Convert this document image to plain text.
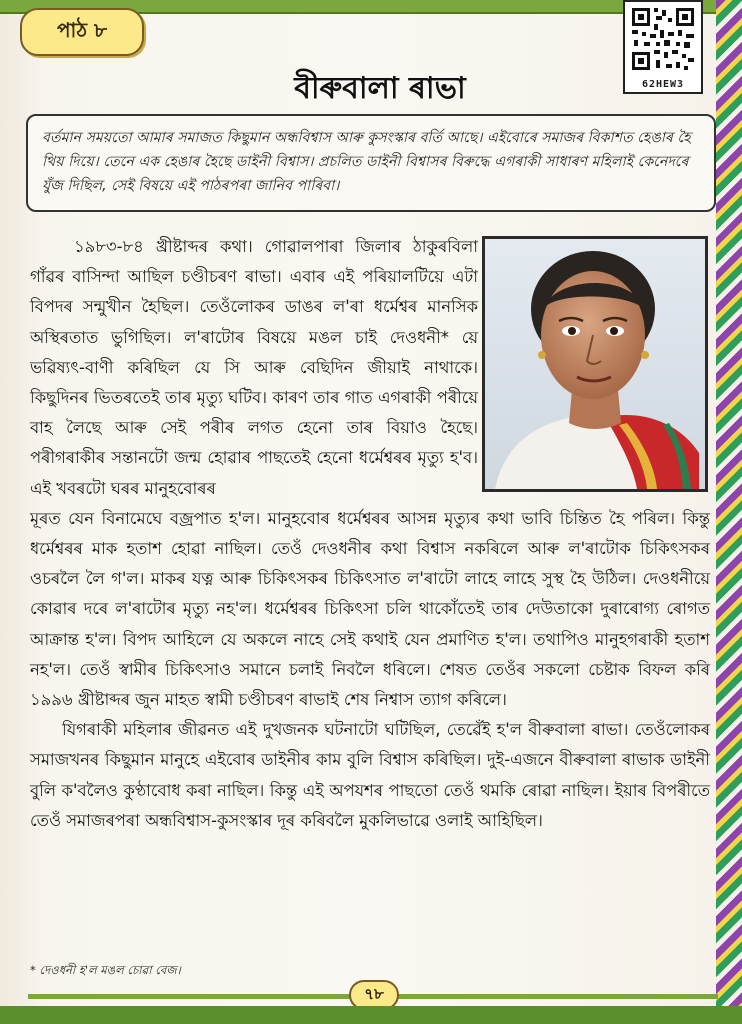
পাঠ ৮
62HEW3
বীৰুবালা ৰাভা
বৰ্তমান সময়তো আমাৰ সমাজত কিছুমান অন্ধবিশ্বাস আৰু কুসংস্কাৰ বৰ্তি আছে। এইবোৰে সমাজৰ বিকাশত হেঙাৰ হৈ থিয় দিয়ে। তেনে এক হেঙাৰ হৈছে ডাইনী বিশ্বাস। প্ৰচলিত ডাইনী বিশ্বাসৰ বিৰুদ্ধে এগৰাকী সাধাৰণ মহিলাই কেনেদৰে যুঁজ দিছিল, সেই বিষয়ে এই পাঠৰপৰা জানিব পাৰিবা।

১৯৮৩-৮৪ খ্ৰীষ্টাব্দৰ কথা। গোৱালপাৰা জিলাৰ ঠাকুৰবিলা গাঁৱৰ বাসিন্দা আছিল চণ্ডীচৰণ ৰাভা। এবাৰ এই পৰিয়ালটিয়ে এটা বিপদৰ সন্মুখীন হৈছিল। তেওঁলোকৰ ডাঙৰ ল'ৰা ধৰ্মেশ্বৰ মানসিক অস্থিৰতাত ভুগিছিল। ল'ৰাটোৰ বিষয়ে মঙল চাই দেওধনী* য়ে ভৱিষ্যৎ-বাণী কৰিছিল যে সি আৰু বেছিদিন জীয়াই নাথাকে। কিছুদিনৰ ভিতৰতেই তাৰ মৃত্যু ঘটিব। কাৰণ তাৰ গাত এগৰাকী পৰীয়ে বাহ লৈছে আৰু সেই পৰীৰ লগত হেনো তাৰ বিয়াও হৈছে। পৰীগৰাকীৰ সন্তানটো জন্ম হোৱাৰ পাছতেই হেনো ধৰ্মেশ্বৰৰ মৃত্যু হ'ব। এই খবৰটো ঘৰৰ মানুহবোৰৰ

মূৰত যেন বিনামেঘে বজ্ৰপাত হ'ল। মানুহবোৰ ধৰ্মেশ্বৰৰ আসন্ন মৃত্যুৰ কথা ভাবি চিন্তিত হৈ পৰিল। কিন্তু ধৰ্মেশ্বৰৰ মাক হতাশ হোৱা নাছিল। তেওঁ দেওধনীৰ কথা বিশ্বাস নকৰিলে আৰু ল'ৰাটোক চিকিৎসকৰ ওচৰলৈ লৈ গ'ল। মাকৰ যত্ন আৰু চিকিৎসকৰ চিকিৎসাত ল'ৰাটো লাহে লাহে সুস্থ হৈ উঠিল। দেওধনীয়ে কোৱাৰ দৰে ল'ৰাটোৰ মৃত্যু নহ'ল। ধৰ্মেশ্বৰৰ চিকিৎসা চলি থাকোঁতেই তাৰ দেউতাকো দুৰাৰোগ্য ৰোগত আক্ৰান্ত হ'ল। বিপদ আহিলে যে অকলে নাহে সেই কথাই যেন প্ৰমাণিত হ'ল। তথাপিও মানুহগৰাকী হতাশ নহ'ল। তেওঁ স্বামীৰ চিকিৎসাও সমানে চলাই নিবলৈ ধৰিলে। শেষত তেওঁৰ সকলো চেষ্টাক বিফল কৰি ১৯৯৬ খ্ৰীষ্টাব্দৰ জুন মাহত স্বামী চণ্ডীচৰণ ৰাভাই শেষ নিশ্বাস ত্যাগ কৰিলে।

যিগৰাকী মহিলাৰ জীৱনত এই দুখজনক ঘটনাটো ঘটিছিল, তেৱেঁই হ'ল বীৰুবালা ৰাভা। তেওঁলোকৰ সমাজখনৰ কিছুমান মানুহে এইবোৰ ডাইনীৰ কাম বুলি বিশ্বাস কৰিছিল। দুই-এজনে বীৰুবালা ৰাভাক ডাইনী বুলি ক'বলৈও কুণ্ঠাবোধ কৰা নাছিল। কিন্তু এই অপযশৰ পাছতো তেওঁ থমকি ৰোৱা নাছিল। ইয়াৰ বিপৰীতে তেওঁ সমাজৰপৰা অন্ধবিশ্বাস-কুসংস্কাৰ দূৰ কৰিবলৈ মুকলিভাৱে ওলাই আহিছিল।

* দেওধনী হ'ল মঙল চোৱা বেজ।
৭৮
